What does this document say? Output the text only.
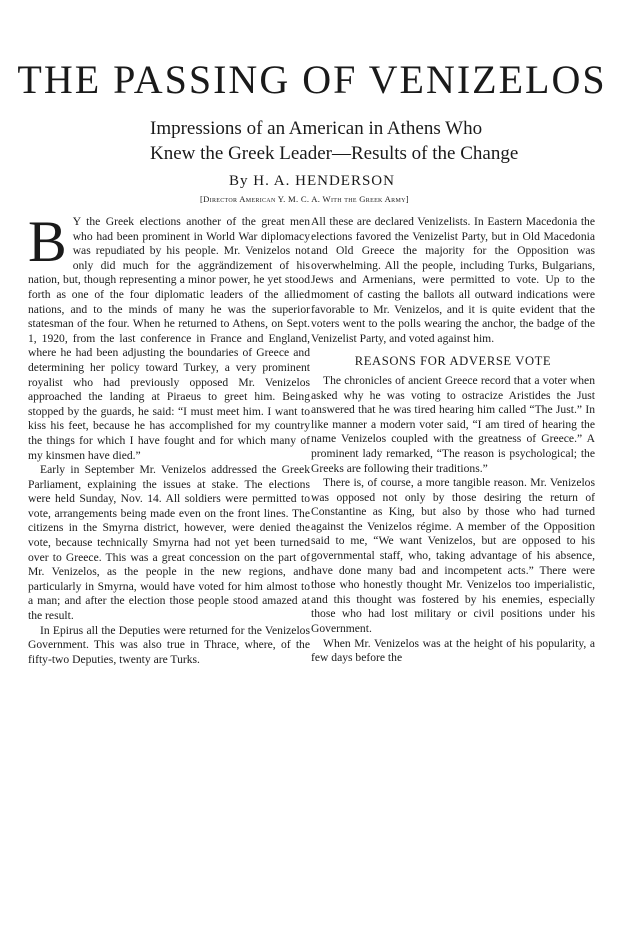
THE PASSING OF VENIZELOS
Impressions of an American in Athens Who
Knew the Greek Leader—Results of the Change
By H. A. HENDERSON
[Director American Y. M. C. A. With the Greek Army]

B Y the Greek elections another of the great men who had been prominent in World War diplomacy was repudiated by his people. Mr. Venizelos not only did much for the aggrändizement of his nation, but, though representing a minor power, he yet stood forth as one of the four diplomatic leaders of the allied nations, and to the minds of many he was the superior statesman of the four. When he returned to Athens, on Sept. 1, 1920, from the last conference in France and England, where he had been adjusting the boundaries of Greece and determining her policy toward Turkey, a very prominent royalist who had previously opposed Mr. Venizelos approached the landing at Piraeus to greet him. Being stopped by the guards, he said: “I must meet him. I want to kiss his feet, because he has accomplished for my country the things for which I have fought and for which many of my kinsmen have died.”

Early in September Mr. Venizelos addressed the Greek Parliament, explaining the issues at stake. The elections were held Sunday, Nov. 14. All soldiers were permitted to vote, arrangements being made even on the front lines. The citizens in the Smyrna district, however, were denied the vote, because technically Smyrna had not yet been turned over to Greece. This was a great concession on the part of Mr. Venizelos, as the people in the new regions, and particularly in Smyrna, would have voted for him almost to a man; and after the election those people stood amazed at the result.

In Epirus all the Deputies were returned for the Venizelos Government. This was also true in Thrace, where, of the fifty-two Deputies, twenty are Turks.

All these are declared Venizelists. In Eastern Macedonia the elections favored the Venizelist Party, but in Old Macedonia and Old Greece the majority for the Opposition was overwhelming. All the people, including Turks, Bulgarians, Jews and Armenians, were permitted to vote. Up to the moment of casting the ballots all outward indications were favorable to Mr. Venizelos, and it is quite evident that the voters went to the polls wearing the anchor, the badge of the Venizelist Party, and voted against him.

REASONS FOR ADVERSE VOTE

The chronicles of ancient Greece record that a voter when asked why he was voting to ostracize Aristides the Just answered that he was tired hearing him called “The Just.” In like manner a modern voter said, “I am tired of hearing the name Venizelos coupled with the greatness of Greece.” A prominent lady remarked, “The reason is psychological; the Greeks are following their traditions.”

There is, of course, a more tangible reason. Mr. Venizelos was opposed not only by those desiring the return of Constantine as King, but also by those who had turned against the Venizelos régime. A member of the Opposition said to me, “We want Venizelos, but are opposed to his governmental staff, who, taking advantage of his absence, have done many bad and incompetent acts.” There were those who honestly thought Mr. Venizelos too imperialistic, and this thought was fostered by his enemies, especially those who had lost military or civil positions under his Government.

When Mr. Venizelos was at the height of his popularity, a few days before the
